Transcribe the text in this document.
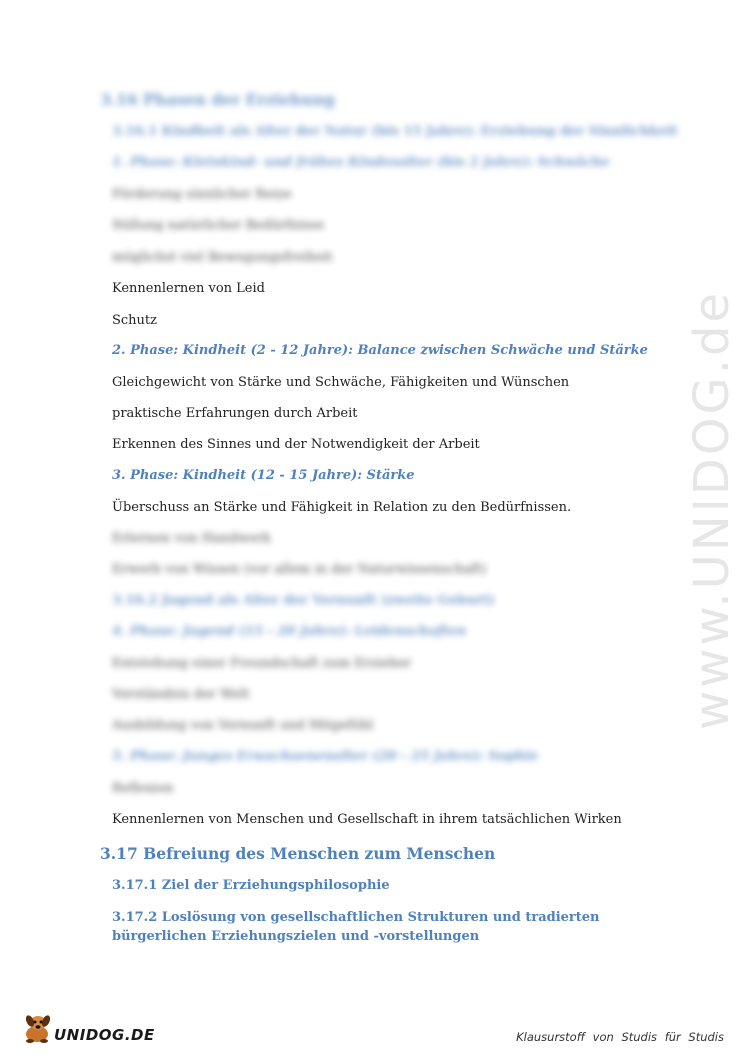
www.UNIDOG.de
3.16 Phasen der Erziehung
3.16.1 Kindheit als Alter der Natur (bis 15 Jahre): Erziehung der Sinnlichkeit
1. Phase: Kleinkind- und frühes Kindesalter (bis 2 Jahre): Schwäche
Förderung sinnlicher Reize
Stillung natürlicher Bedürfnisse
möglichst viel Bewegungsfreiheit
Kennenlernen von Leid
Schutz
2. Phase: Kindheit (2 - 12 Jahre): Balance zwischen Schwäche und Stärke
Gleichgewicht von Stärke und Schwäche, Fähigkeiten und Wünschen
praktische Erfahrungen durch Arbeit
Erkennen des Sinnes und der Notwendigkeit der Arbeit
3. Phase: Kindheit (12 - 15 Jahre): Stärke
Überschuss an Stärke und Fähigkeit in Relation zu den Bedürfnissen.
Erlernen von Handwerk
Erwerb von Wissen (vor allem in der Naturwissenschaft)
3.16.2 Jugend als Alter der Vernunft (zweite Geburt)
4. Phase: Jugend (15 - 20 Jahre): Leidenschaften
Entstehung einer Freundschaft zum Erzieher
Verständnis der Welt
Ausbildung von Vernunft und Mitgefühl
5. Phase: Junges Erwachsenenalter (20 - 25 Jahre): Sophie
Reflexion
Kennenlernen von Menschen und Gesellschaft in ihrem tatsächlichen Wirken
3.17 Befreiung des Menschen zum Menschen
3.17.1 Ziel der Erziehungsphilosophie
3.17.2 Loslösung von gesellschaftlichen Strukturen und tradierten bürgerlichen Erziehungszielen und -vorstellungen
UNIDOG.DE	Klausurstoff von Studis für Studis
